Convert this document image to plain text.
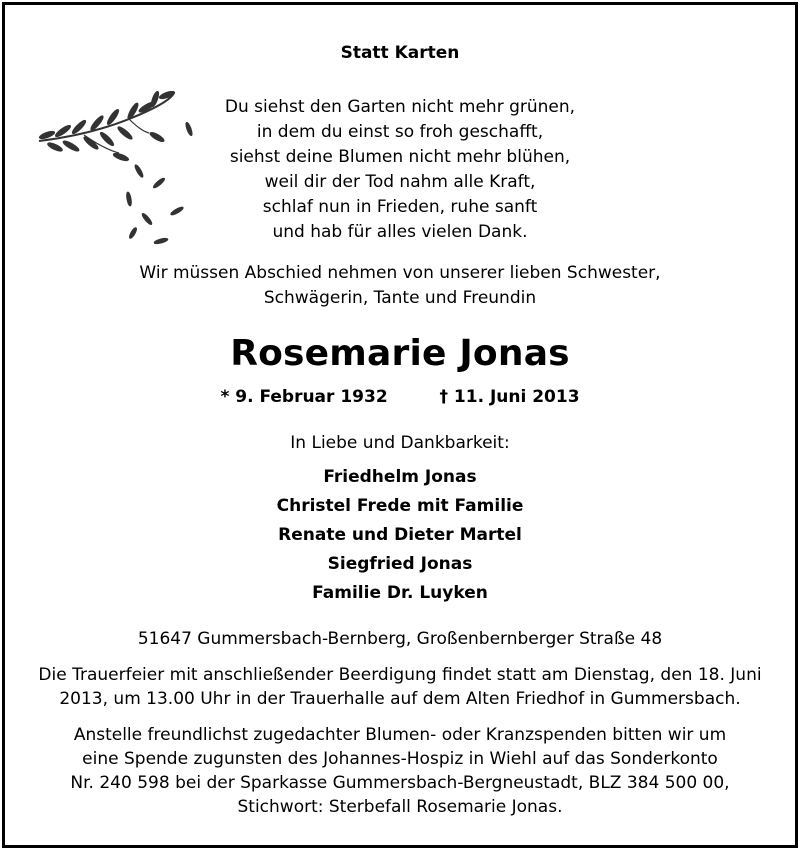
Statt Karten
Du siehst den Garten nicht mehr grünen,
in dem du einst so froh geschafft,
siehst deine Blumen nicht mehr blühen,
weil dir der Tod nahm alle Kraft,
schlaf nun in Frieden, ruhe sanft
und hab für alles vielen Dank.
Wir müssen Abschied nehmen von unserer lieben Schwester,
Schwägerin, Tante und Freundin
Rosemarie Jonas
* 9. Februar 1932	† 11. Juni 2013
In Liebe und Dankbarkeit:
Friedhelm Jonas
Christel Frede mit Familie
Renate und Dieter Martel
Siegfried Jonas
Familie Dr. Luyken
51647 Gummersbach-Bernberg, Großenbernberger Straße 48
Die Trauerfeier mit anschließender Beerdigung findet statt am Dienstag, den 18. Juni
2013, um 13.00 Uhr in der Trauerhalle auf dem Alten Friedhof in Gummersbach.
Anstelle freundlichst zugedachter Blumen- oder Kranzspenden bitten wir um
eine Spende zugunsten des Johannes-Hospiz in Wiehl auf das Sonderkonto
Nr. 240 598 bei der Sparkasse Gummersbach-Bergneustadt, BLZ 384 500 00,
Stichwort: Sterbefall Rosemarie Jonas.
